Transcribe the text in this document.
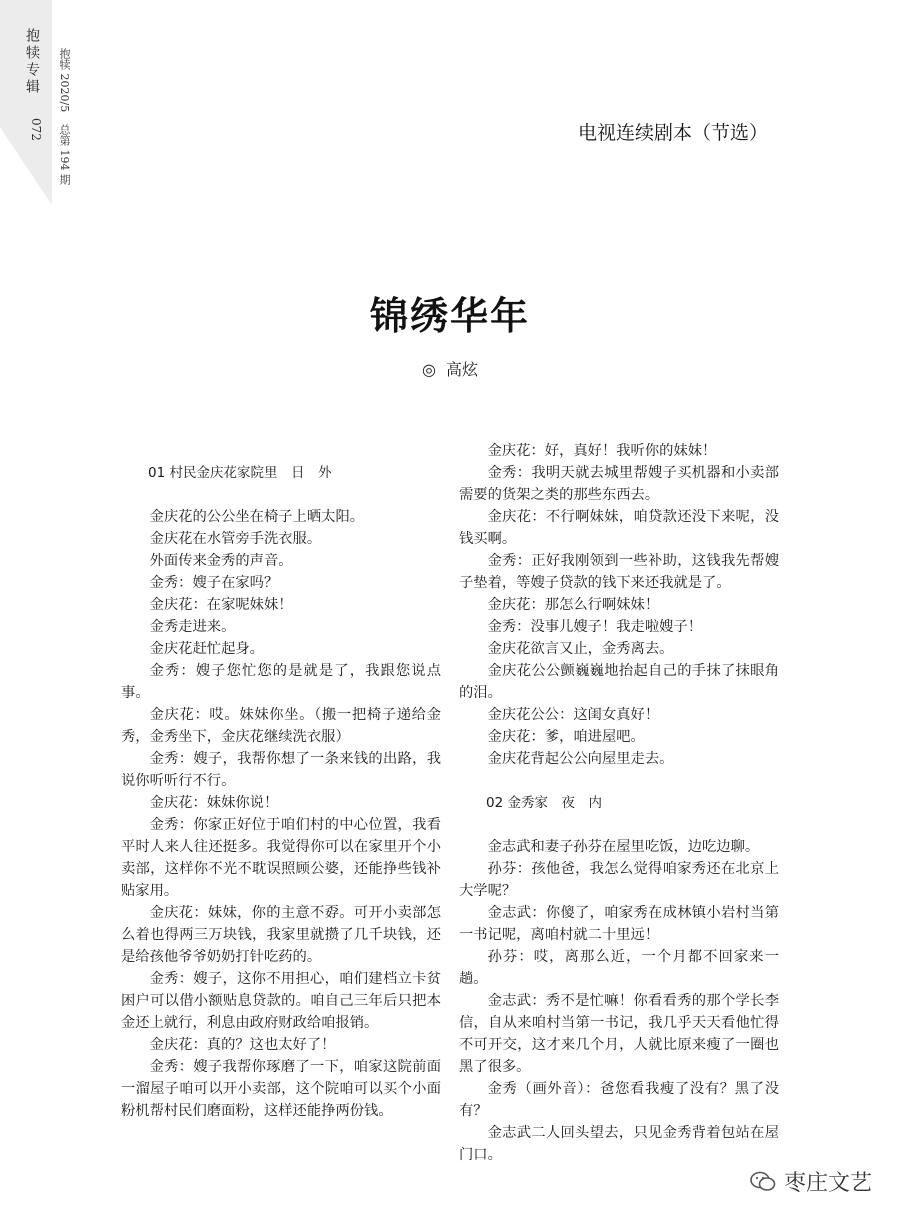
抱犊专辑
072
抱犊 2020/5 总第 194 期	电视连续剧本（节选）
锦绣华年
◎ 高炫

01 村民金庆花家院里　日　外

金庆花的公公坐在椅子上晒太阳。

金庆花在水管旁手洗衣服。

外面传来金秀的声音。

金秀：嫂子在家吗？

金庆花：在家呢妹妹！

金秀走进来。

金庆花赶忙起身。

金秀：嫂子您忙您的是就是了，我跟您说点事。

金庆花：哎。妹妹你坐。（搬一把椅子递给金秀，金秀坐下，金庆花继续洗衣服）

金秀：嫂子，我帮你想了一条来钱的出路，我说你听听行不行。

金庆花：妹妹你说！

金秀：你家正好位于咱们村的中心位置，我看平时人来人往还挺多。我觉得你可以在家里开个小卖部，这样你不光不耽误照顾公婆，还能挣些钱补贴家用。

金庆花：妹妹，你的主意不孬。可开小卖部怎么着也得两三万块钱，我家里就攒了几千块钱，还是给孩他爷爷奶奶打针吃药的。

金秀：嫂子，这你不用担心，咱们建档立卡贫困户可以借小额贴息贷款的。咱自己三年后只把本金还上就行，利息由政府财政给咱报销。

金庆花：真的？这也太好了！

金秀：嫂子我帮你琢磨了一下，咱家这院前面一溜屋子咱可以开小卖部，这个院咱可以买个小面粉机帮村民们磨面粉，这样还能挣两份钱。

金庆花：好，真好！我听你的妹妹！

金秀：我明天就去城里帮嫂子买机器和小卖部需要的货架之类的那些东西去。

金庆花：不行啊妹妹，咱贷款还没下来呢，没钱买啊。

金秀：正好我刚领到一些补助，这钱我先帮嫂子垫着，等嫂子贷款的钱下来还我就是了。

金庆花：那怎么行啊妹妹！

金秀：没事儿嫂子！我走啦嫂子！

金庆花欲言又止，金秀离去。

金庆花公公颤巍巍地抬起自己的手抹了抹眼角的泪。

金庆花公公：这闺女真好！

金庆花：爹，咱进屋吧。

金庆花背起公公向屋里走去。

02 金秀家　夜　内

金志武和妻子孙芬在屋里吃饭，边吃边聊。

孙芬：孩他爸，我怎么觉得咱家秀还在北京上大学呢？

金志武：你傻了，咱家秀在成林镇小岩村当第一书记呢，离咱村就二十里远！

孙芬：哎，离那么近，一个月都不回家来一趟。

金志武：秀不是忙嘛！你看看秀的那个学长李信，自从来咱村当第一书记，我几乎天天看他忙得不可开交，这才来几个月，人就比原来瘦了一圈也黑了很多。

金秀（画外音）：爸您看我瘦了没有？黑了没有？

金志武二人回头望去，只见金秀背着包站在屋门口。

枣庄文艺
